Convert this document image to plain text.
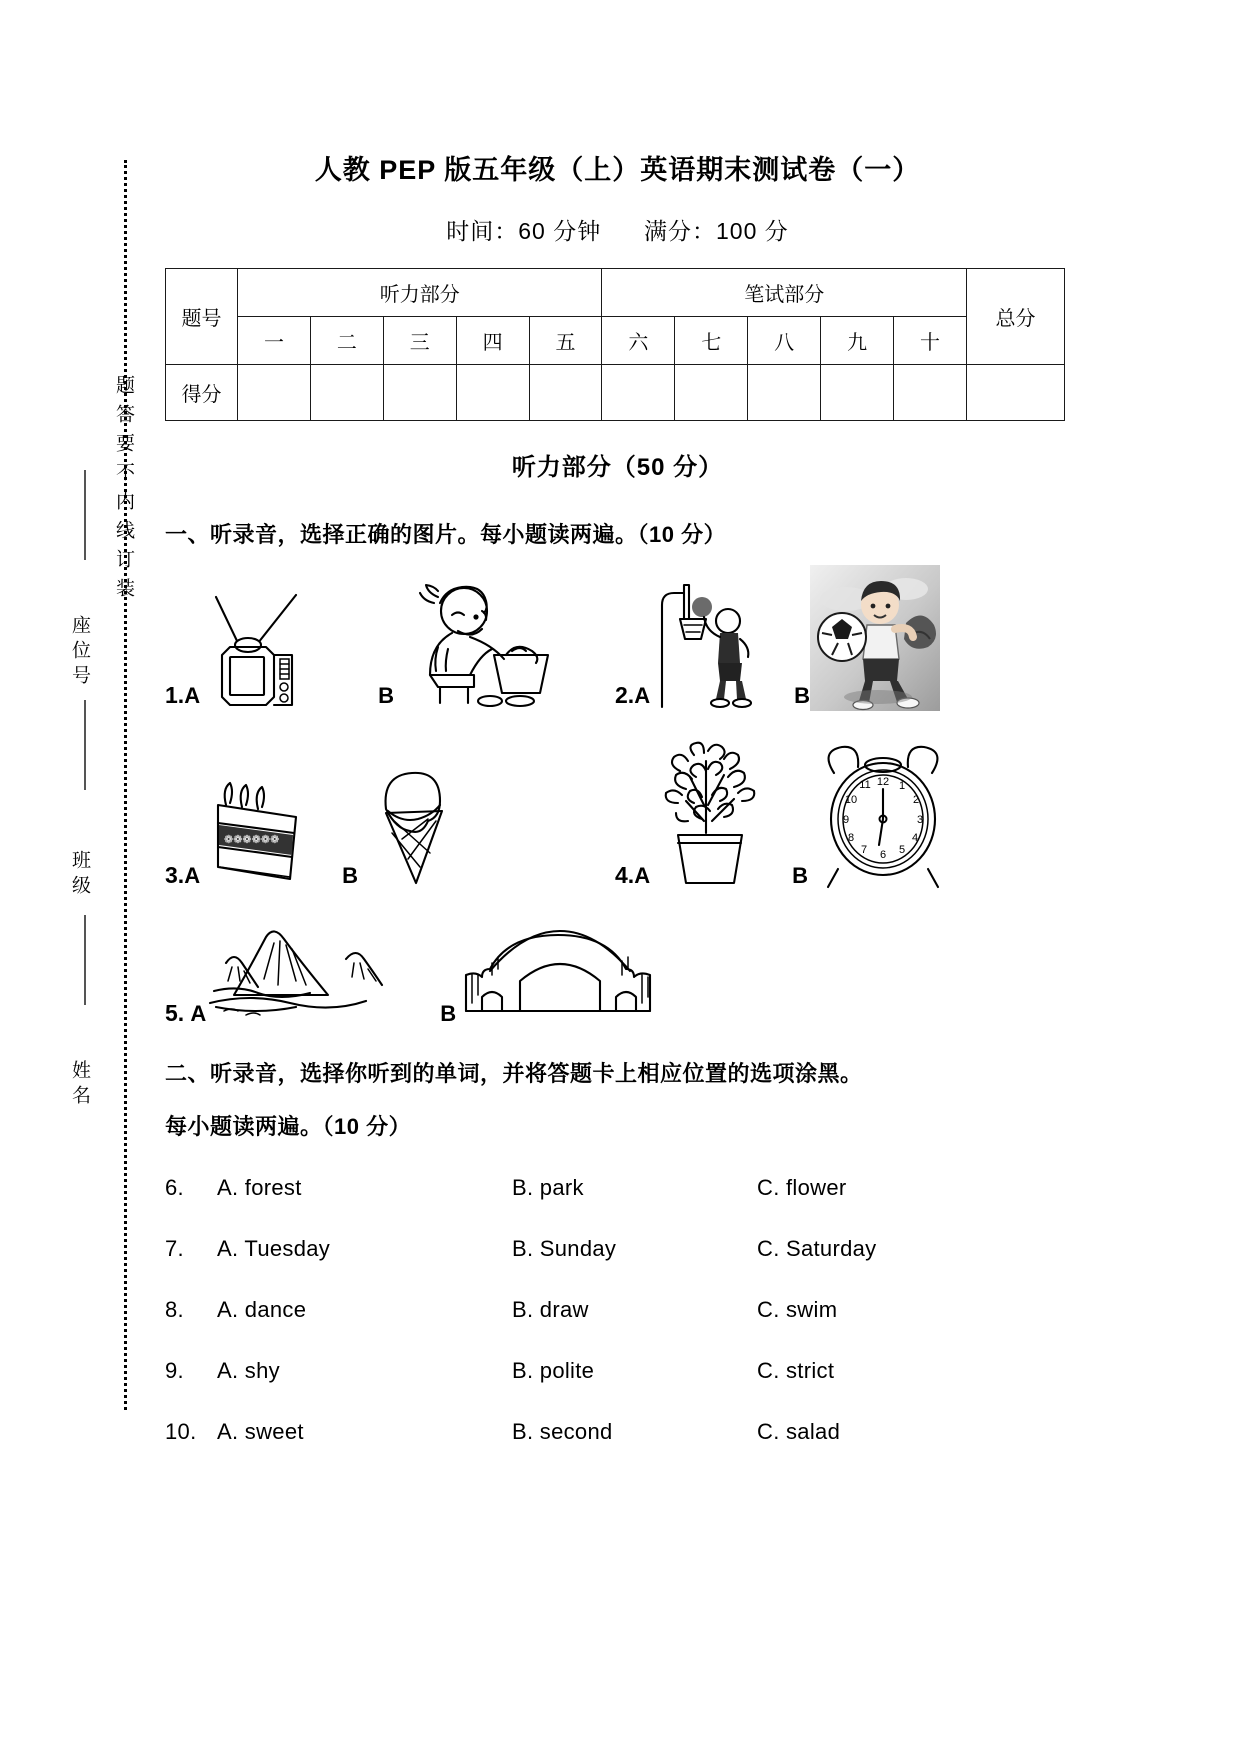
题答要不内线订装
座位号
班级
姓名
人教 PEP 版五年级（上）英语期末测试卷（一）
时间：60 分钟 满分：100 分
题号	听力部分					笔试部分					总分
	一	二	三	四	五	六	七	八	九	十	
得分											
听力部分（50 分）
一、听录音，选择正确的图片。每小题读两遍。（10 分）
1.A	B	2.A	B
3.A
❁❁❁❁❁❁
B	4.A	B
12 1
2
3
4
5
6
7
8
9
10
11
5. A	B
二、听录音，选择你听到的单词，并将答题卡上相应位置的选项涂黑。
每小题读两遍。（10 分）
6.	A. forest	B. park	C. flower
7.	A. Tuesday	B. Sunday	C. Saturday
8.	A. dance	B. draw	C. swim
9.	A. shy	B. polite	C. strict
10. A. sweet	B. second	C. salad
